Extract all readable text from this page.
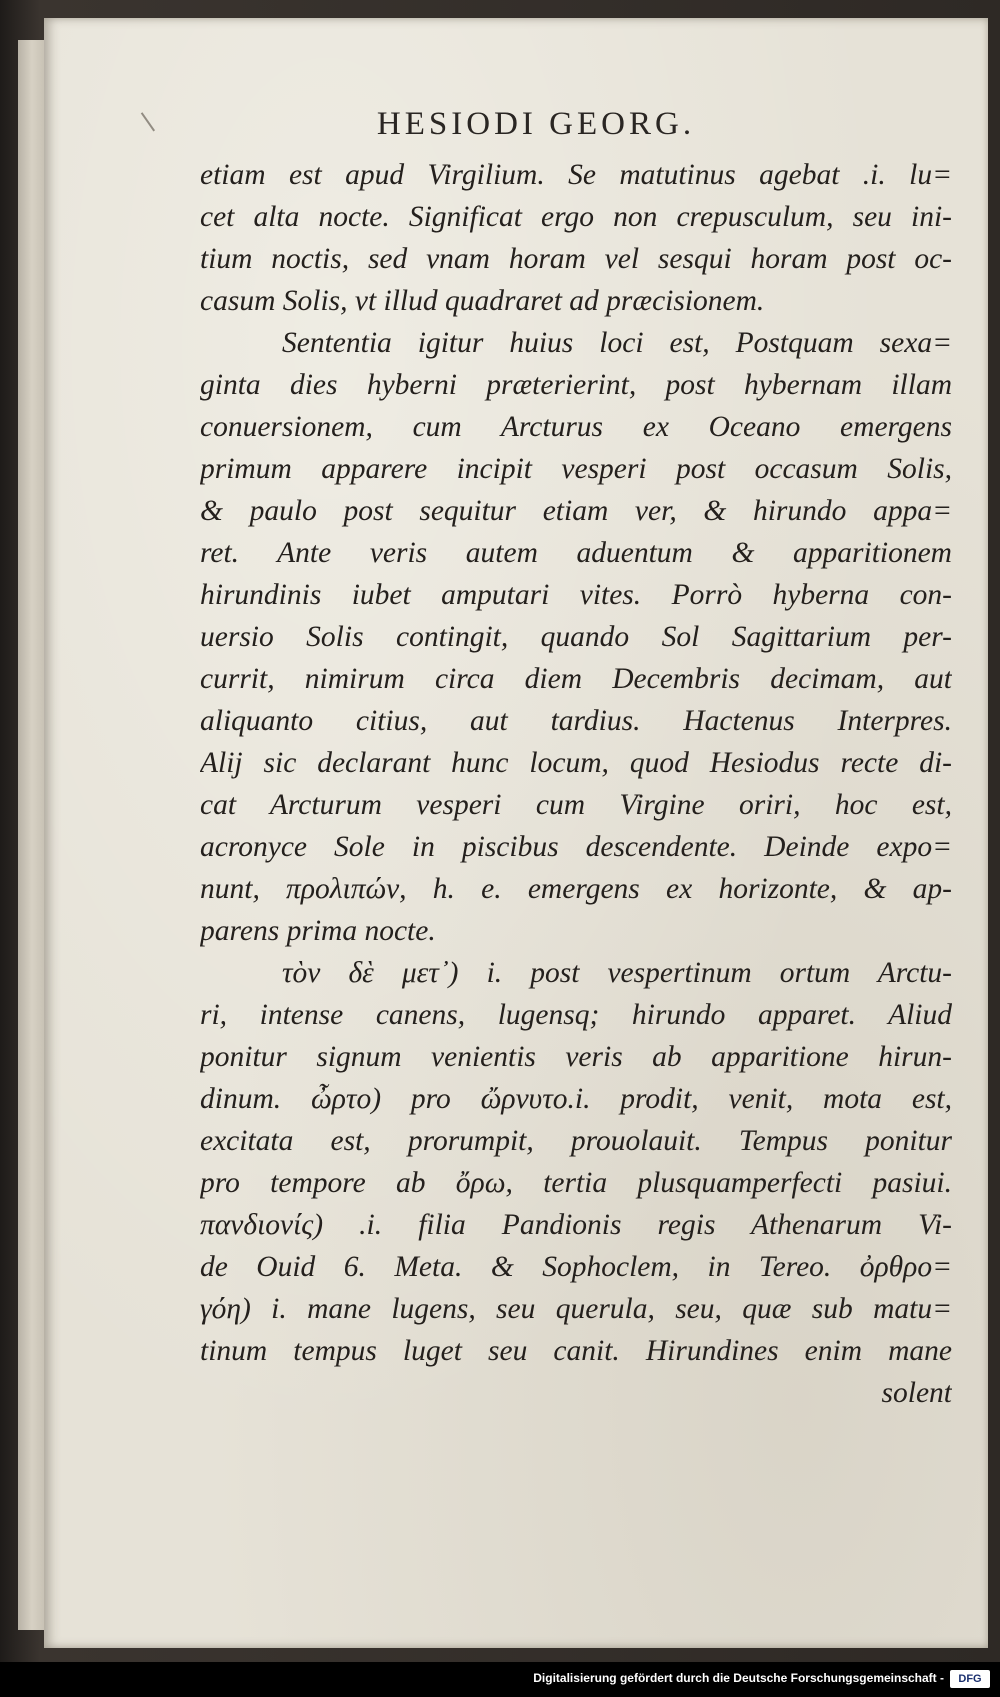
HESIODI GEORG.
etiam est apud Virgilium. Se matutinus agebat .i. lu=
cet alta nocte. Significat ergo non crepusculum, seu ini-
tium noctis, sed vnam horam vel sesqui horam post oc-
casum Solis, vt illud quadraret ad præcisionem.
Sententia igitur huius loci est, Postquam sexa=
ginta dies hyberni præterierint, post hybernam illam
conuersionem, cum Arcturus ex Oceano emergens
primum apparere incipit vesperi post occasum Solis,
& paulo post sequitur etiam ver, & hirundo appa=
ret. Ante veris autem aduentum & apparitionem
hirundinis iubet amputari vites. Porrò hyberna con-
uersio Solis contingit, quando Sol Sagittarium per-
currit, nimirum circa diem Decembris decimam, aut
aliquanto citius, aut tardius. Hactenus Interpres.
Alij sic declarant hunc locum, quod Hesiodus recte di-
cat Arcturum vesperi cum Virgine oriri, hoc est,
acronyce Sole in piscibus descendente. Deinde expo=
nunt, προλιπών, h. e. emergens ex horizonte, & ap-
parens prima nocte.
τὸν δὲ μετ᾽) i. post vespertinum ortum Arctu-
ri, intense canens, lugensq; hirundo apparet. Aliud
ponitur signum venientis veris ab apparitione hirun-
dinum. ὦρτο) pro ὤρνυτο.i. prodit, venit, mota est,
excitata est, prorumpit, prouolauit. Tempus ponitur
pro tempore ab ὄρω, tertia plusquamperfecti pasiui.
πανδιονίς) .i. filia Pandionis regis Athenarum Vi-
de Ouid 6. Meta. & Sophoclem, in Tereo. ὀρθρο=
γόη) i. mane lugens, seu querula, seu, quæ sub matu=
tinum tempus luget seu canit. Hirundines enim mane
solent
Digitalisierung gefördert durch die Deutsche Forschungsgemeinschaft -	DFG
